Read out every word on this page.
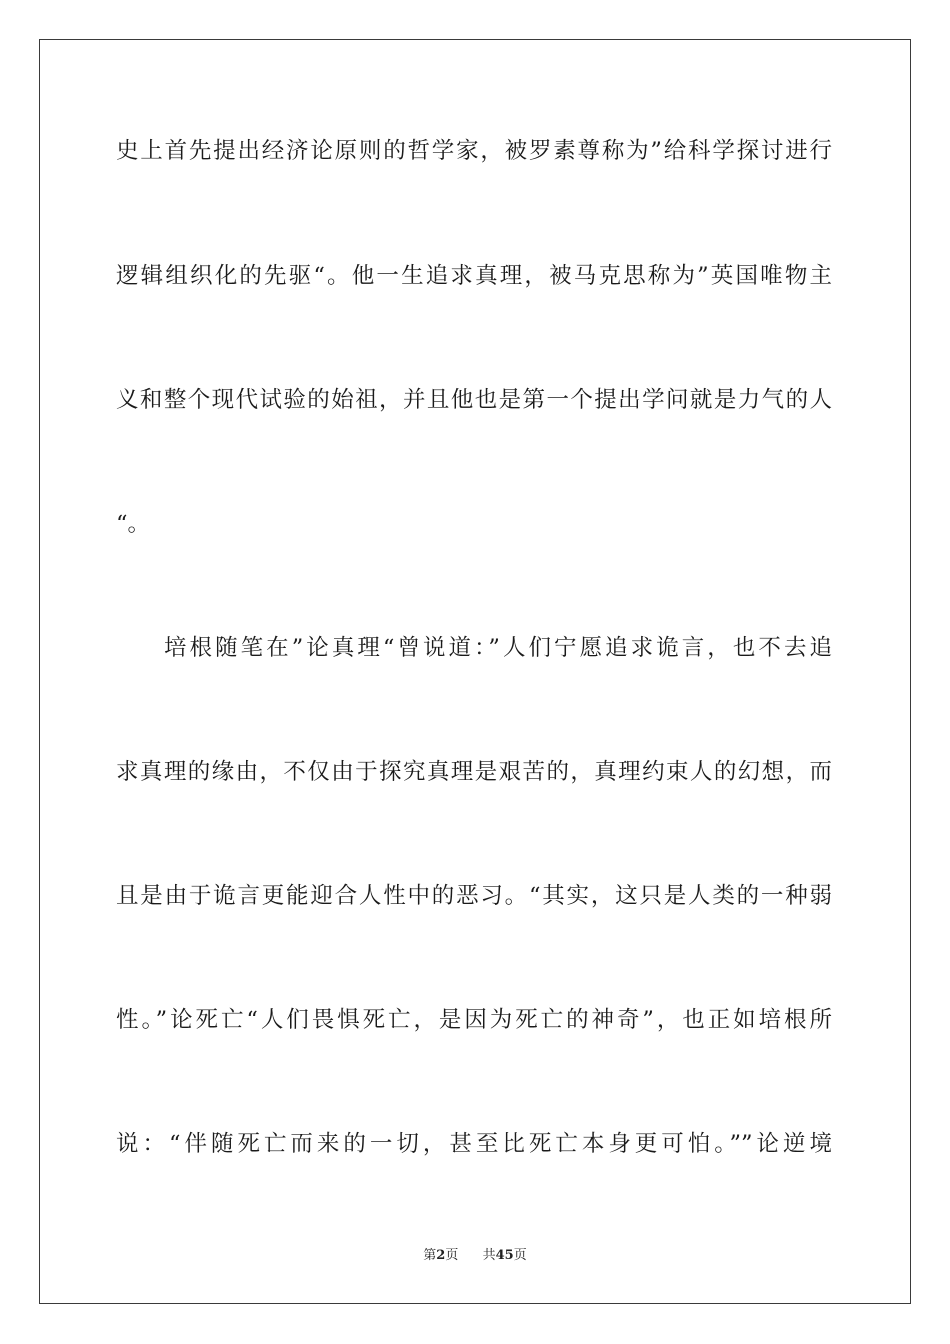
史上首先提出经济论原则的哲学家，被罗素尊称为”给科学探讨进行
逻辑组织化的先驱“。他一生追求真理，被马克思称为”英国唯物主
义和整个现代试验的始祖，并且他也是第一个提出学问就是力气的人
“。
培根随笔在”论真理“曾说道：”人们宁愿追求诡言，也不去追
求真理的缘由，不仅由于探究真理是艰苦的，真理约束人的幻想，而
且是由于诡言更能迎合人性中的恶习。“其实，这只是人类的一种弱
性。”论死亡“人们畏惧死亡，是因为死亡的神奇”，也正如培根所
说：“伴随死亡而来的一切，甚至比死亡本身更可怕。””论逆境
第2页 共45页
